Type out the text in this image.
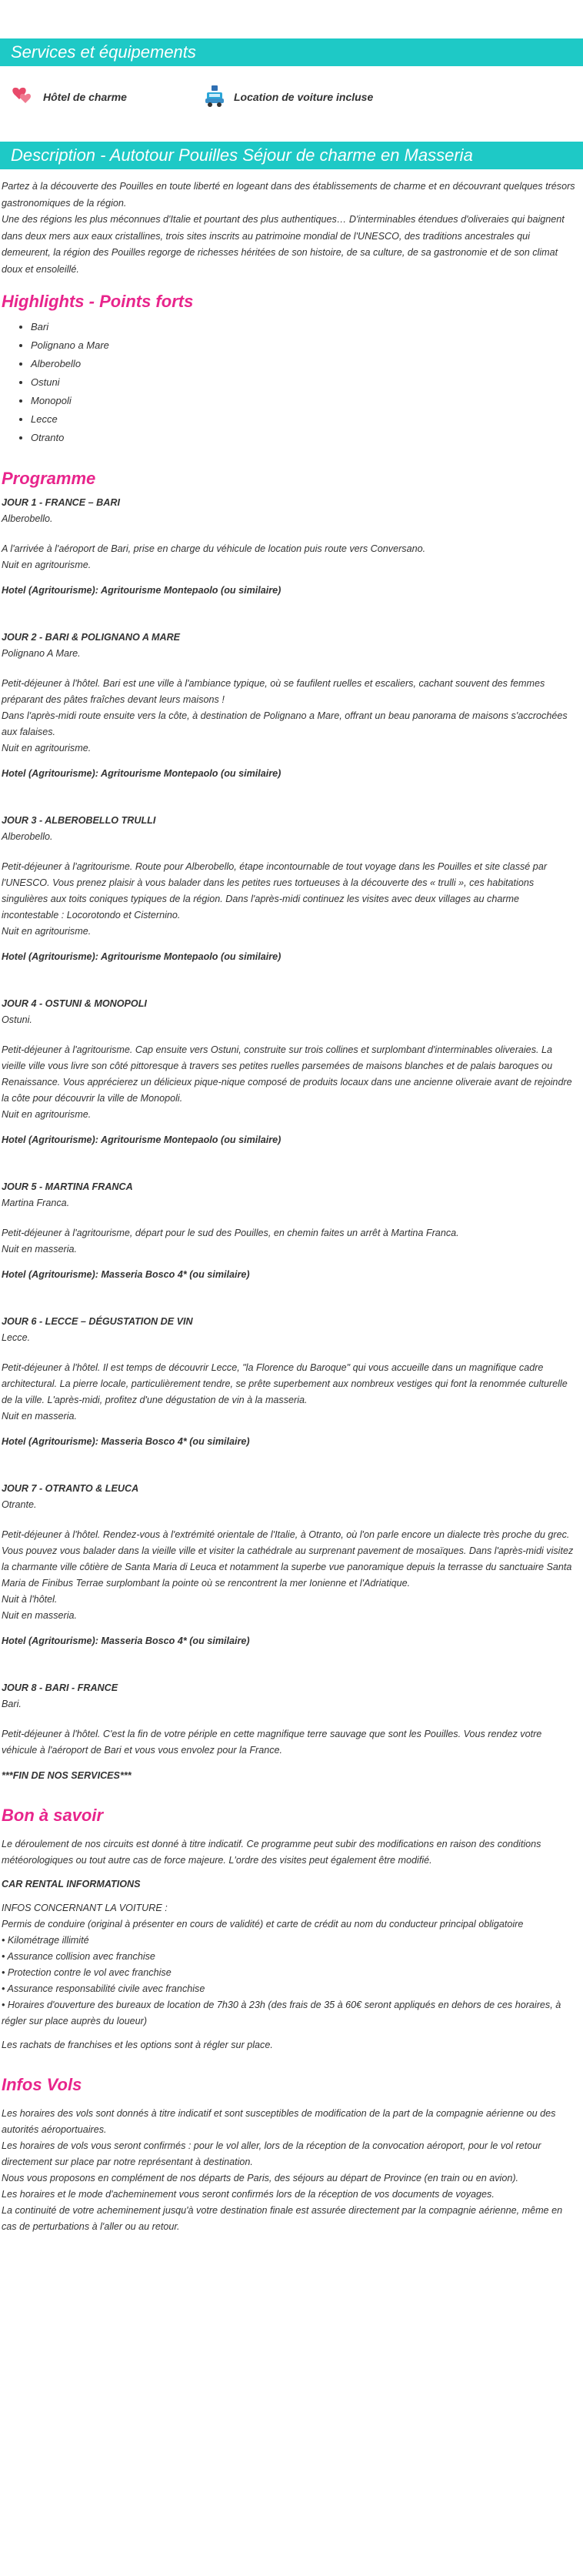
Services et équipements
Hôtel de charme	Location de voiture incluse
Description - Autotour Pouilles Séjour de charme en Masseria

Partez à la découverte des Pouilles en toute liberté en logeant dans des établissements de charme et en découvrant quelques trésors gastronomiques de la région.

Une des régions les plus méconnues d'Italie et pourtant des plus authentiques… D'interminables étendues d'oliveraies qui baignent dans deux mers aux eaux cristallines, trois sites inscrits au patrimoine mondial de l'UNESCO, des traditions ancestrales qui demeurent, la région des Pouilles regorge de richesses héritées de son histoire, de sa culture, de sa gastronomie et de son climat doux et ensoleillé.

Highlights - Points forts
• Bari
• Polignano a Mare
• Alberobello
• Ostuni
• Monopoli
• Lecce
• Otranto
Programme

JOUR 1 - FRANCE – BARI

Alberobello.

A l'arrivée à l'aéroport de Bari, prise en charge du véhicule de location puis route vers Conversano.

Nuit en agritourisme.

Hotel (Agritourisme): Agritourisme Montepaolo (ou similaire)

JOUR 2 - BARI & POLIGNANO A MARE

Polignano A Mare.

Petit-déjeuner à l'hôtel. Bari est une ville à l'ambiance typique, où se faufilent ruelles et escaliers, cachant souvent des femmes préparant des pâtes fraîches devant leurs maisons !

Dans l'après-midi route ensuite vers la côte, à destination de Polignano a Mare, offrant un beau panorama de maisons s'accrochées aux falaises.

Nuit en agritourisme.

Hotel (Agritourisme): Agritourisme Montepaolo (ou similaire)

JOUR 3 - ALBEROBELLO TRULLI

Alberobello.

Petit-déjeuner à l'agritourisme. Route pour Alberobello, étape incontournable de tout voyage dans les Pouilles et site classé par l'UNESCO. Vous prenez plaisir à vous balader dans les petites rues tortueuses à la découverte des « trulli », ces habitations singulières aux toits coniques typiques de la région. Dans l'après-midi continuez les visites avec deux villages au charme incontestable : Locorotondo et Cisternino.

Nuit en agritourisme.

Hotel (Agritourisme): Agritourisme Montepaolo (ou similaire)

JOUR 4 - OSTUNI & MONOPOLI

Ostuni.

Petit-déjeuner à l'agritourisme. Cap ensuite vers Ostuni, construite sur trois collines et surplombant d'interminables oliveraies. La vieille ville vous livre son côté pittoresque à travers ses petites ruelles parsemées de maisons blanches et de palais baroques ou Renaissance. Vous apprécierez un délicieux pique-nique composé de produits locaux dans une ancienne oliveraie avant de rejoindre la côte pour découvrir la ville de Monopoli.

Nuit en agritourisme.

Hotel (Agritourisme): Agritourisme Montepaolo (ou similaire)

JOUR 5 - MARTINA FRANCA

Martina Franca.

Petit-déjeuner à l'agritourisme, départ pour le sud des Pouilles, en chemin faites un arrêt à Martina Franca.

Nuit en masseria.

Hotel (Agritourisme): Masseria Bosco 4* (ou similaire)

JOUR 6 - LECCE – DÉGUSTATION DE VIN

Lecce.

Petit-déjeuner à l'hôtel. Il est temps de découvrir Lecce, "la Florence du Baroque" qui vous accueille dans un magnifique cadre architectural. La pierre locale, particulièrement tendre, se prête superbement aux nombreux vestiges qui font la renommée culturelle de la ville. L'après-midi, profitez d'une dégustation de vin à la masseria.

Nuit en masseria.

Hotel (Agritourisme): Masseria Bosco 4* (ou similaire)

JOUR 7 - OTRANTO & LEUCA

Otrante.

Petit-déjeuner à l'hôtel. Rendez-vous à l'extrémité orientale de l'Italie, à Otranto, où l'on parle encore un dialecte très proche du grec. Vous pouvez vous balader dans la vieille ville et visiter la cathédrale au surprenant pavement de mosaïques. Dans l'après-midi visitez la charmante ville côtière de Santa Maria di Leuca et notamment la superbe vue panoramique depuis la terrasse du sanctuaire Santa Maria de Finibus Terrae surplombant la pointe où se rencontrent la mer Ionienne et l'Adriatique.

Nuit à l'hôtel.

Nuit en masseria.

Hotel (Agritourisme): Masseria Bosco 4* (ou similaire)

JOUR 8 - BARI - FRANCE

Bari.

Petit-déjeuner à l'hôtel. C'est la fin de votre périple en cette magnifique terre sauvage que sont les Pouilles. Vous rendez votre véhicule à l'aéroport de Bari et vous vous envolez pour la France.

***FIN DE NOS SERVICES***

Bon à savoir

Le déroulement de nos circuits est donné à titre indicatif. Ce programme peut subir des modifications en raison des conditions météorologiques ou tout autre cas de force majeure. L'ordre des visites peut également être modifié.

CAR RENTAL INFORMATIONS

INFOS CONCERNANT LA VOITURE :

Permis de conduire (original à présenter en cours de validité) et carte de crédit au nom du conducteur principal obligatoire

• Kilométrage illimité

• Assurance collision avec franchise

• Protection contre le vol avec franchise

• Assurance responsabilité civile avec franchise

• Horaires d'ouverture des bureaux de location de 7h30 à 23h (des frais de 35 à 60€ seront appliqués en dehors de ces horaires, à régler sur place auprès du loueur)

Les rachats de franchises et les options sont à régler sur place.

Infos Vols

Les horaires des vols sont donnés à titre indicatif et sont susceptibles de modification de la part de la compagnie aérienne ou des autorités aéroportuaires.

Les horaires de vols vous seront confirmés : pour le vol aller, lors de la réception de la convocation aéroport, pour le vol retour directement sur place par notre représentant à destination.

Nous vous proposons en complément de nos départs de Paris, des séjours au départ de Province (en train ou en avion).

Les horaires et le mode d'acheminement vous seront confirmés lors de la réception de vos documents de voyages.

La continuité de votre acheminement jusqu'à votre destination finale est assurée directement par la compagnie aérienne, même en cas de perturbations à l'aller ou au retour.
